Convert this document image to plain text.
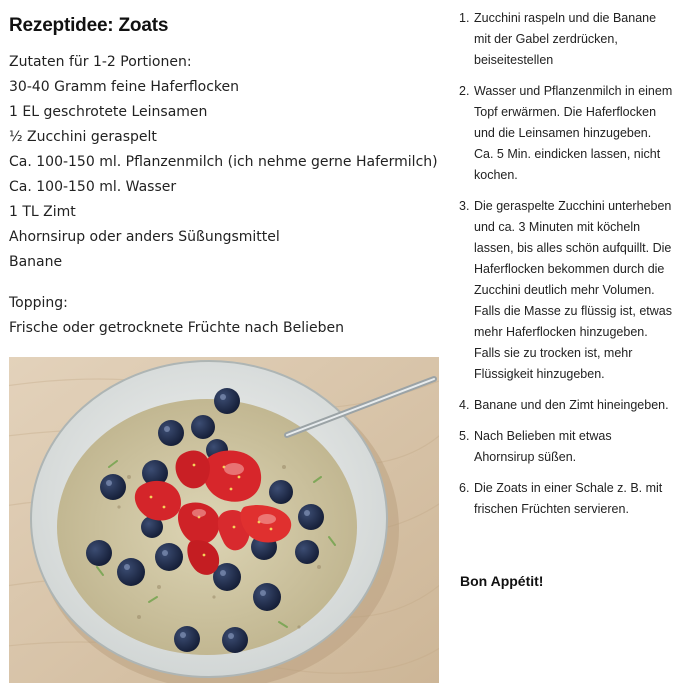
Rezeptidee: Zoats
Zutaten für 1-2 Portionen:
30-40 Gramm feine Haferflocken
1 EL geschrotete Leinsamen
½ Zucchini geraspelt
Ca. 100-150 ml. Pflanzenmilch (ich nehme gerne Hafermilch)
Ca. 100-150 ml. Wasser
1 TL Zimt
Ahornsirup oder anders Süßungsmittel
Banane
Topping:
Frische oder getrocknete Früchte nach Belieben
1. Zucchini raspeln und die Banane mit der Gabel zerdrücken, beiseitestellen
2. Wasser und Pflanzenmilch in einem Topf erwärmen. Die Haferflocken und die Leinsamen hinzugeben. Ca. 5 Min. eindicken lassen, nicht kochen.
3. Die geraspelte Zucchini unterheben und ca. 3 Minuten mit köcheln lassen, bis alles schön aufquillt. Die Haferflocken bekommen durch die Zucchini deutlich mehr Volumen. Falls die Masse zu flüssig ist, etwas mehr Haferflocken hinzugeben. Falls sie zu trocken ist, mehr Flüssigkeit hinzugeben.
4. Banane und den Zimt hineingeben.
5. Nach Belieben mit etwas Ahornsirup süßen.
6. Die Zoats in einer Schale z. B. mit frischen Früchten servieren.
Bon Appétit!
